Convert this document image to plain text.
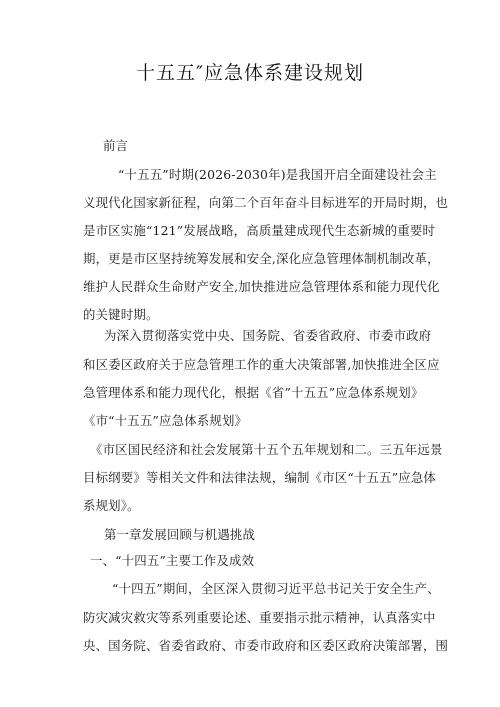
十五五″应急体系建设规划
前言
“十五五”时期(2026-2030年)是我国开启全面建设社会主
义现代化国家新征程，向第二个百年奋斗目标进军的开局时期，也
是市区实施“121”发展战略，高质量建成现代生态新城的重要时
期，更是市区坚持统筹发展和安全,深化应急管理体制机制改革，
维护人民群众生命财产安全,加快推进应急管理体系和能力现代化
的关键时期。
为深入贯彻落实党中央、国务院、省委省政府、市委市政府
和区委区政府关于应急管理工作的重大决策部署,加快推进全区应
急管理体系和能力现代化，根据《省”十五五”应急体系规划》
《市“十五五”应急体系规划》
《市区国民经济和社会发展第十五个五年规划和二。三五年远景
目标纲要》等相关文件和法律法规，编制《市区“十五五”应急体
系规划》。
第一章发展回顾与机遇挑战
一、“十四五”主要工作及成效
“十四五”期间，全区深入贯彻习近平总书记关于安全生产、
防灾减灾救灾等系列重要论述、重要指示批示精神，认真落实中
央、国务院、省委省政府、市委市政府和区委区政府决策部署，围
